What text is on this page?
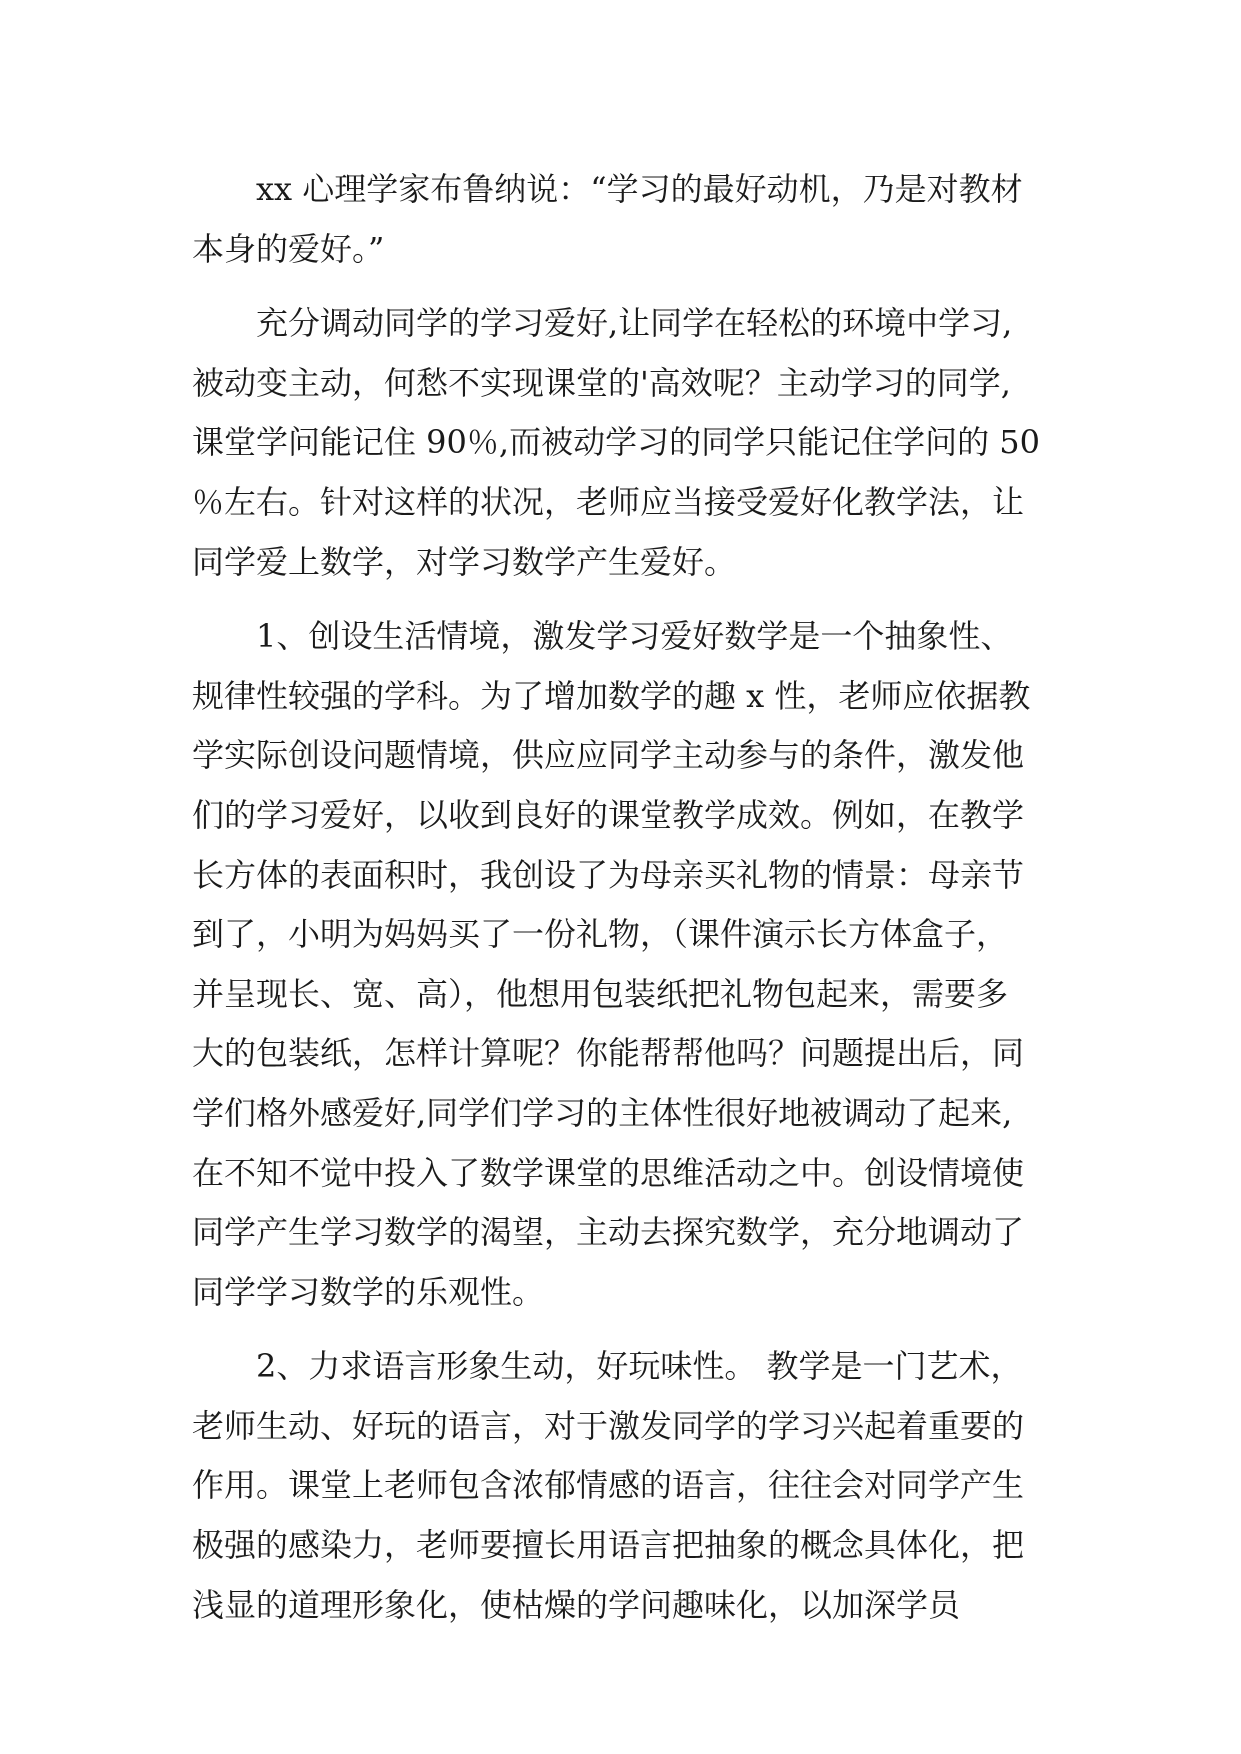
xx 心理学家布鲁纳说：“学习的最好动机，乃是对教材
本身的爱好。”
充分调动同学的学习爱好,让同学在轻松的环境中学习,
被动变主动，何愁不实现课堂的'高效呢？主动学习的同学,
课堂学问能记住 90％,而被动学习的同学只能记住学问的 50
％左右。针对这样的状况，老师应当接受爱好化教学法，让
同学爱上数学，对学习数学产生爱好。
1、创设生活情境，激发学习爱好数学是一个抽象性、
规律性较强的学科。为了增加数学的趣 x 性，老师应依据教
学实际创设问题情境，供应应同学主动参与的条件，激发他
们的学习爱好，以收到良好的课堂教学成效。例如，在教学
长方体的表面积时，我创设了为母亲买礼物的情景：母亲节
到了，小明为妈妈买了一份礼物，（课件演示长方体盒子，
并呈现长、宽、高），他想用包装纸把礼物包起来，需要多
大的包装纸，怎样计算呢？你能帮帮他吗？问题提出后，同
学们格外感爱好,同学们学习的主体性很好地被调动了起来,
在不知不觉中投入了数学课堂的思维活动之中。创设情境使
同学产生学习数学的渴望，主动去探究数学，充分地调动了
同学学习数学的乐观性。
2、力求语言形象生动，好玩味性。 教学是一门艺术，
老师生动、好玩的语言，对于激发同学的学习兴起着重要的
作用。课堂上老师包含浓郁情感的语言，往往会对同学产生
极强的感染力，老师要擅长用语言把抽象的概念具体化，把
浅显的道理形象化，使枯燥的学问趣味化，以加深学员
